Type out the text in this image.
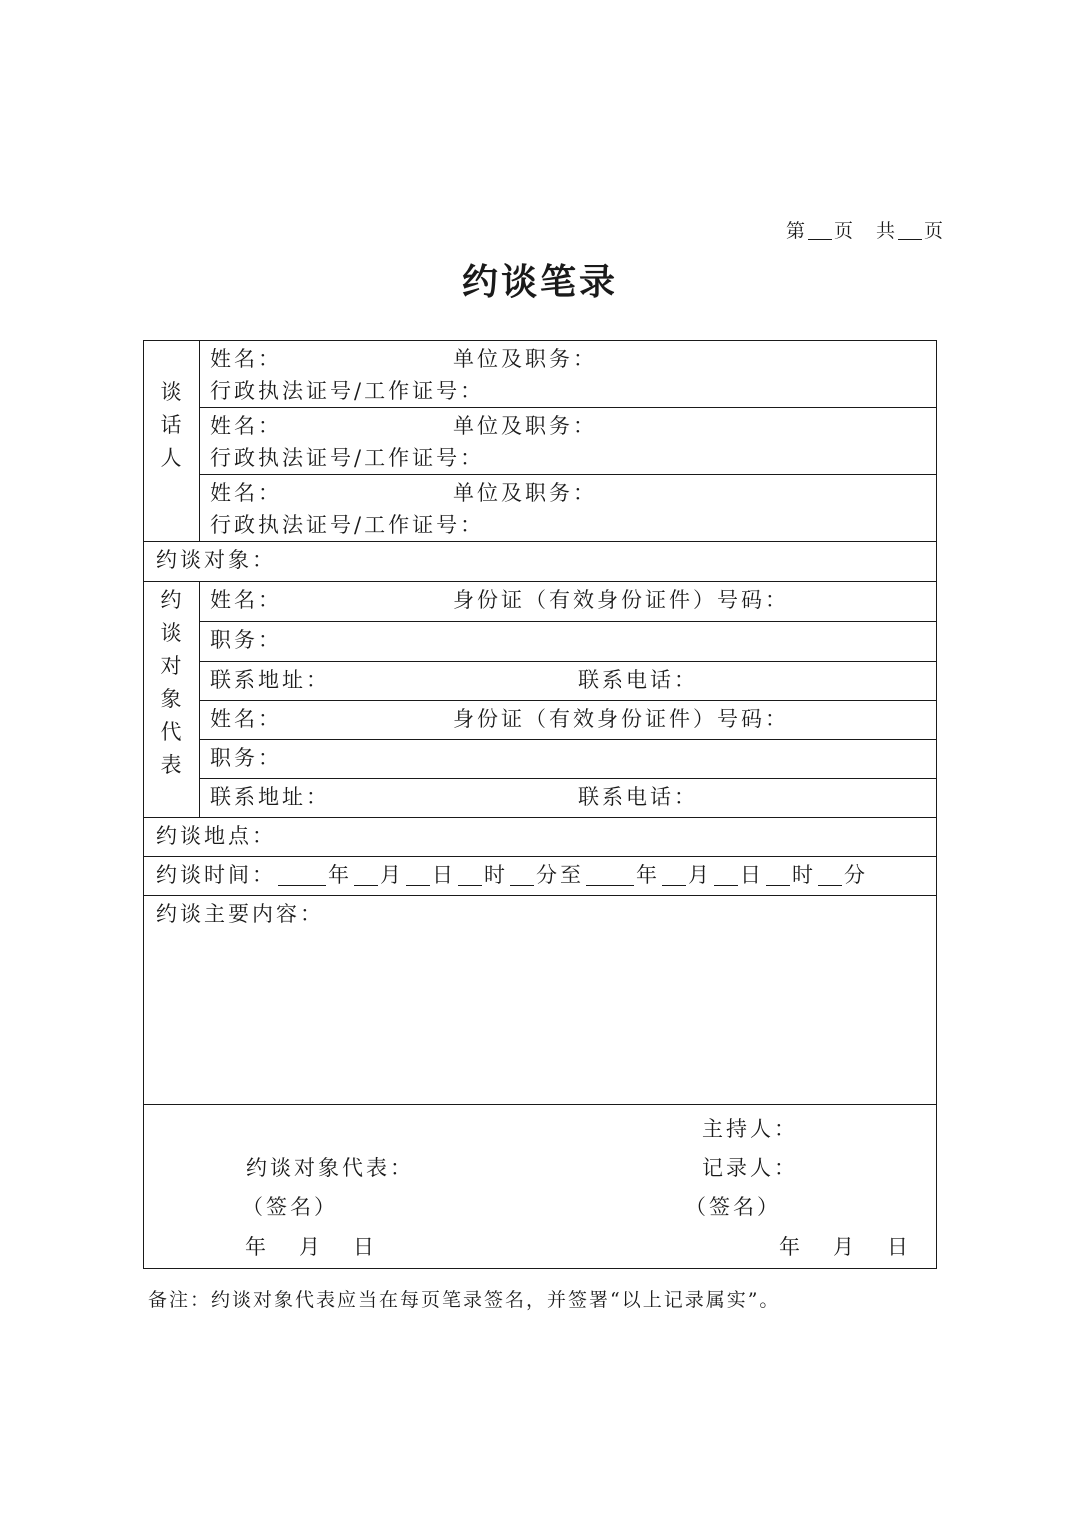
第 页 共 页
约谈笔录
谈
话
人
姓名：	单位及职务：
行政执法证号/工作证号：
姓名：	单位及职务：
行政执法证号/工作证号：
姓名：	单位及职务：
行政执法证号/工作证号：
约谈对象：
约
谈
对
象
代
表
姓名：	身份证（有效身份证件）号码：
职务：
联系地址：	联系电话：
姓名：	身份证（有效身份证件）号码：
职务：
联系地址：	联系电话：
约谈地点：
约谈时间： 年 月 日 时 分至 年 月 日 时 分
约谈主要内容：
主持人：
约谈对象代表：	记录人：
（签名）	（签名）
年 月 日	年 月 日
备注：约谈对象代表应当在每页笔录签名，并签署“以上记录属实”。
